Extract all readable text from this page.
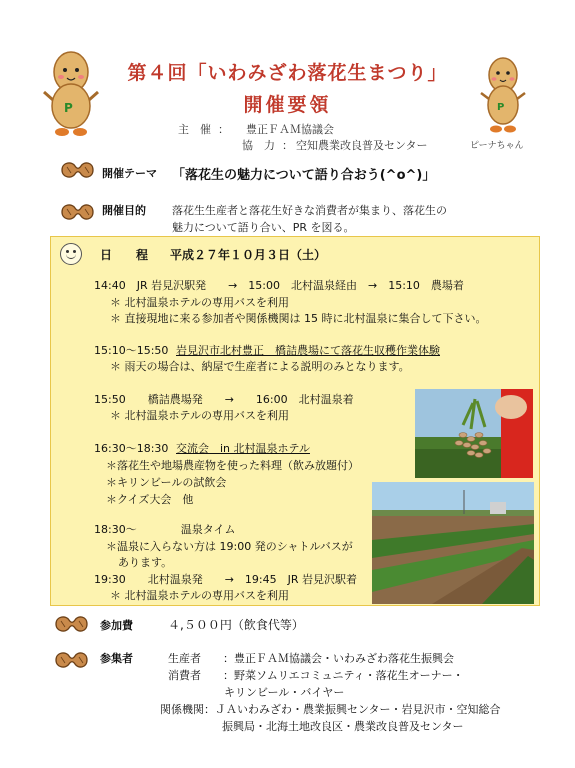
P	P
ピーナちゃん
第４回「いわみざわ落花生まつり」
開催要領
主　催 ： 豊正ＦＡＭ協議会
協　力 ： 空知農業改良普及センター
開催テーマ 「落花生の魅力について語り合おう(^o^)」
開催目的 落花生生産者と落花生好きな消費者が集まり、落花生の
魅力について語り合い、PR を図る。
日　　程 平成２７年１０月３日（土）
14:40　JR 岩見沢駅発　　→　15:00　北村温泉経由　→　15:10　農場着
＊ 北村温泉ホテルの専用バスを利用
＊ 直接現地に来る参加者や関係機関は 15 時に北村温泉に集合して下さい。
15:10～15:50 岩見沢市北村豊正　橋詰農場にて落花生収穫作業体験
＊ 雨天の場合は、納屋で生産者による説明のみとなります。
15:50　　橋詰農場発　　→　　16:00　北村温泉着
＊ 北村温泉ホテルの専用バスを利用
16:30～18:30 交流会　in 北村温泉ホテル
＊落花生や地場農産物を使った料理（飲み放題付）
＊キリンビールの試飲会
＊クイズ大会　他
18:30～　　　　温泉タイム
＊温泉に入らない方は 19:00 発のシャトルバスが
あります。
19:30　　北村温泉発　　→　19:45　JR 岩見沢駅着
＊ 北村温泉ホテルの専用バスを利用
参加費	４,５００円（飲食代等）
参集者	生産者　　：豊正ＦＡＭ協議会・いわみざわ落花生振興会
消費者　　：野菜ソムリエコミュニティ・落花生オーナー・
キリンビール・バイヤー
関係機関：ＪＡいわみざわ・農業振興センター・岩見沢市・空知総合
振興局・北海土地改良区・農業改良普及センター
